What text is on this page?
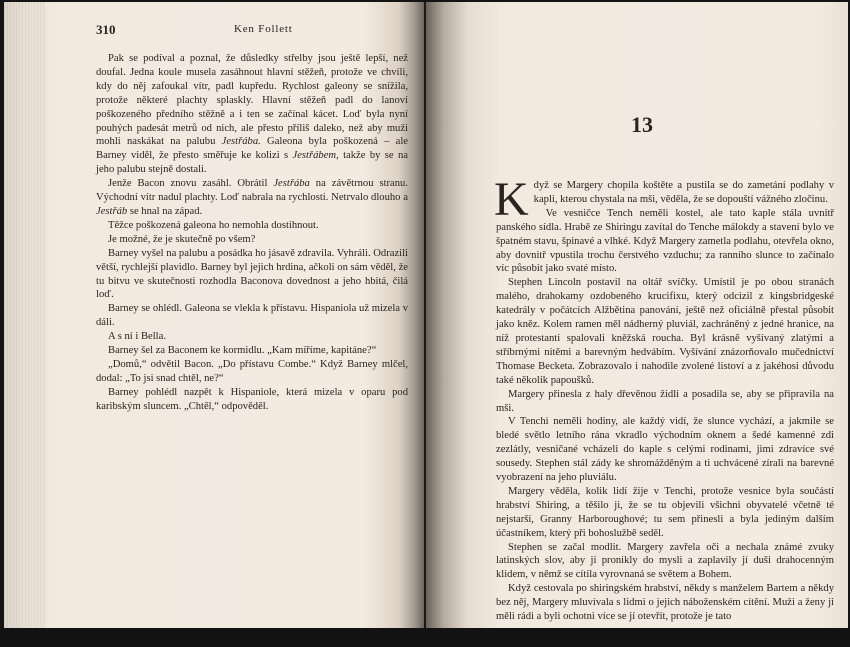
310	Ken Follett

Pak se podíval a poznal, že důsledky střelby jsou ještě lepší, než doufal. Jedna koule musela zasáhnout hlavní stěžeň, protože ve chvíli, kdy do něj zafoukal vítr, padl kupředu. Rychlost galeony se snížila, protože některé plachty splaskly. Hlavní stěžeň padl do lanoví poškozeného předního stěžně a i ten se začínal kácet. Loď byla nyní pouhých padesát metrů od nich, ale přesto příliš daleko, než aby muži mohli naskákat na palubu Jestřába. Galeona byla poškozená – ale Barney viděl, že přesto směřuje ke kolizi s Jestřábem, takže by se na jeho palubu stejně dostali.

Jenže Bacon znovu zasáhl. Obrátil Jestřába na závětrnou stranu. Východní vítr nadul plachty. Loď nabrala na rychlosti. Netrvalo dlouho a Jestřáb se hnal na západ.

Těžce poškozená galeona ho nemohla dostihnout.

Je možné, že je skutečně po všem?

Barney vyšel na palubu a posádka ho jásavě zdravila. Vyhráli. Odrazili větší, rychlejší plavidlo. Barney byl jejich hrdina, ačkoli on sám věděl, že tu bitvu ve skutečnosti rozhodla Baconova dovednost a jeho hbitá, čilá loď.

Barney se ohlédl. Galeona se vlekla k přístavu. Hispaniola už mizela v dáli.

A s ní i Bella.

Barney šel za Baconem ke kormidlu. „Kam míříme, kapitáne?“

„Domů,“ odvětil Bacon. „Do přístavu Combe.“ Když Barney mlčel, dodal: „To jsi snad chtěl, ne?“

Barney pohlédl nazpět k Hispaniole, která mizela v oparu pod karibským sluncem. „Chtěl,“ odpověděl.

Když se Margery chopila koštěte a pustila se do zametání podlahy v kapli, kterou chystala na mši, věděla, že se dopouští vážného zločinu.

Ve vesničce Tench neměli kostel, ale tato kaple stála uvnitř panského sídla. Hrabě ze Shiringu zavítal do Tenche málokdy a stavení bylo ve špatném stavu, špinavé a vlhké. Když Margery zametla podlahu, otevřela okno, aby dovnitř vpustila trochu čerstvého vzduchu; za ranního slunce to začínalo víc působit jako svaté místo.

Stephen Lincoln postavil na oltář svíčky. Umístil je po obou stranách malého, drahokamy ozdobeného krucifixu, který odcizil z kingsbridgeské katedrály v počátcích Alžbětina panování, ještě než oficiálně přestal působit jako kněz. Kolem ramen měl nádherný pluviál, zachráněný z jedné hranice, na níž protestanti spalovali kněžská roucha. Byl krásně vyšívaný zlatými a stříbrnými nitěmi a barevným hedvábím. Vyšívání znázorňovalo mučednictví Thomase Becketa. Zobrazovalo i nahodile zvolené listoví a z jakéhosi důvodu také několik papoušků.

Margery přinesla z haly dřevěnou židli a posadila se, aby se připravila na mši.

V Tenchi neměli hodiny, ale každý vidí, že slunce vychází, a jakmile se bledé světlo letního rána vkradlo východním oknem a šedé kamenné zdi zezlátly, vesničané vcházeli do kaple s celými rodinami, jimi zdravíce své sousedy. Stephen stál zády ke shromážděným a ti uchvácené zírali na barevné vyobrazení na jeho pluviálu.

Margery věděla, kolik lidí žije v Tenchi, protože vesnice byla součástí hrabství Shiring, a těšilo ji, že se tu objevili všichni obyvatelé včetně té nejstarší, Granny Harboroughové; tu sem přinesli a byla jediným dalším účastníkem, který při bohoslužbě seděl.

Stephen se začal modlit. Margery zavřela oči a nechala známé zvuky latinských slov, aby jí pronikly do mysli a zaplavily jí duši drahocenným klidem, v němž se cítila vyrovnaná se světem a Bohem.

Když cestovala po shiringském hrabství, někdy s manželem Bartem a někdy bez něj, Margery mluvívala s lidmi o jejich náboženském cítění. Muži a ženy ji měli rádi a byli ochotni více se jí otevřít, protože je tato

13
